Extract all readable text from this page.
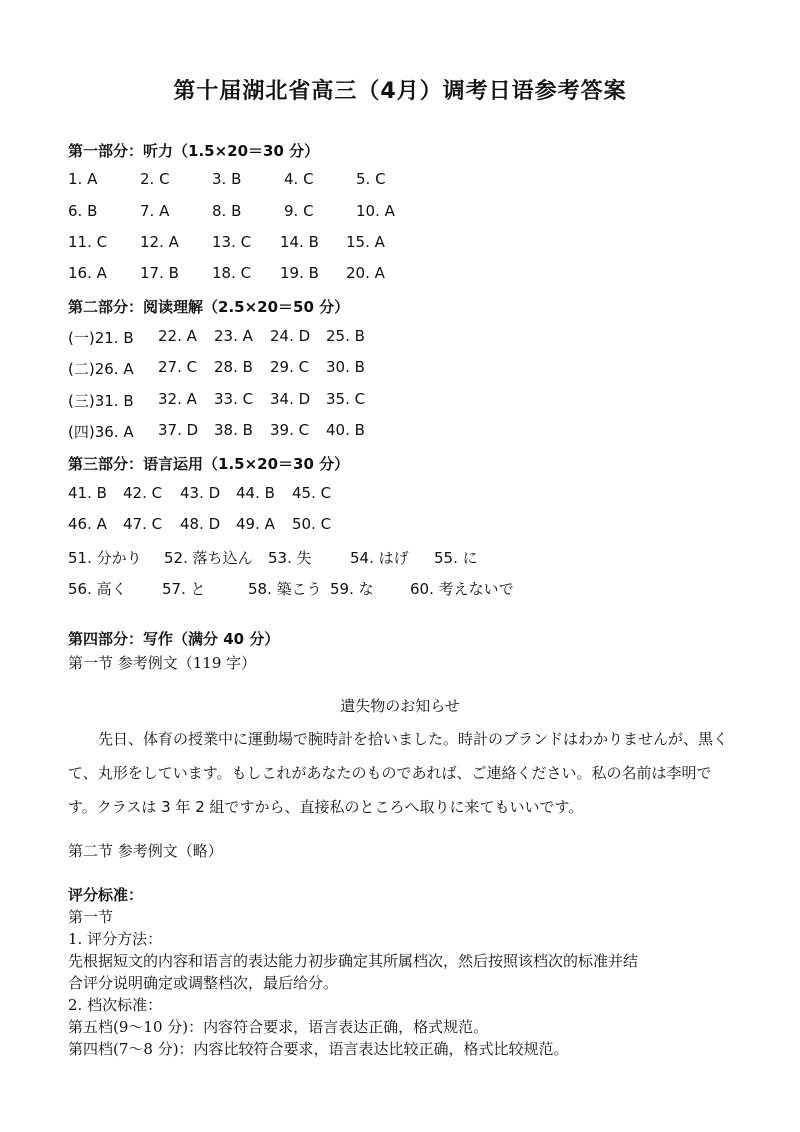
第十届湖北省高三（4月）调考日语参考答案
第一部分：听力（1.5×20＝30 分）
1. A	2. C	3. B	4. C	5. C
6. B	7. A	8. B	9. C	10. A
11. C 12. A 13. C 14. B 15. A
16. A 17. B 18. C 19. B 20. A
第二部分：阅读理解（2.5×20＝50 分）
(一)21. B 22. A 23. A 24. D 25. B
(二)26. A 27. C 28. B 29. C 30. B
(三)31. B 32. A 33. C 34. D 35. C
(四)36. A 37. D 38. B 39. C 40. B
第三部分：语言运用（1.5×20＝30 分）
41. B 42. C 43. D 44. B 45. C
46. A 47. C 48. D 49. A 50. C
51. 分かり 52. 落ち込ん 53. 失	54. はげ 55. に
56. 高く 57. と	58. 築こう 59. な 60. 考えないで
第四部分：写作（满分 40 分）
第一节 参考例文（119 字）
遺失物のお知らせ
先日、体育の授業中に運動場で腕時計を拾いました。時計のブランドはわかりませんが、黒くて、丸形をしています。もしこれがあなたのものであれば、ご連絡ください。私の名前は李明です。クラスは 3 年 2 組ですから、直接私のところへ取りに来てもいいです。
第二节 参考例文（略）
评分标准：
第一节
1. 评分方法：
先根据短文的内容和语言的表达能力初步确定其所属档次，然后按照该档次的标准并结
合评分说明确定或调整档次，最后给分。
2. 档次标准：
第五档(9～10 分)：内容符合要求，语言表达正确，格式规范。
第四档(7～8 分)：内容比较符合要求，语言表达比较正确，格式比较规范。
